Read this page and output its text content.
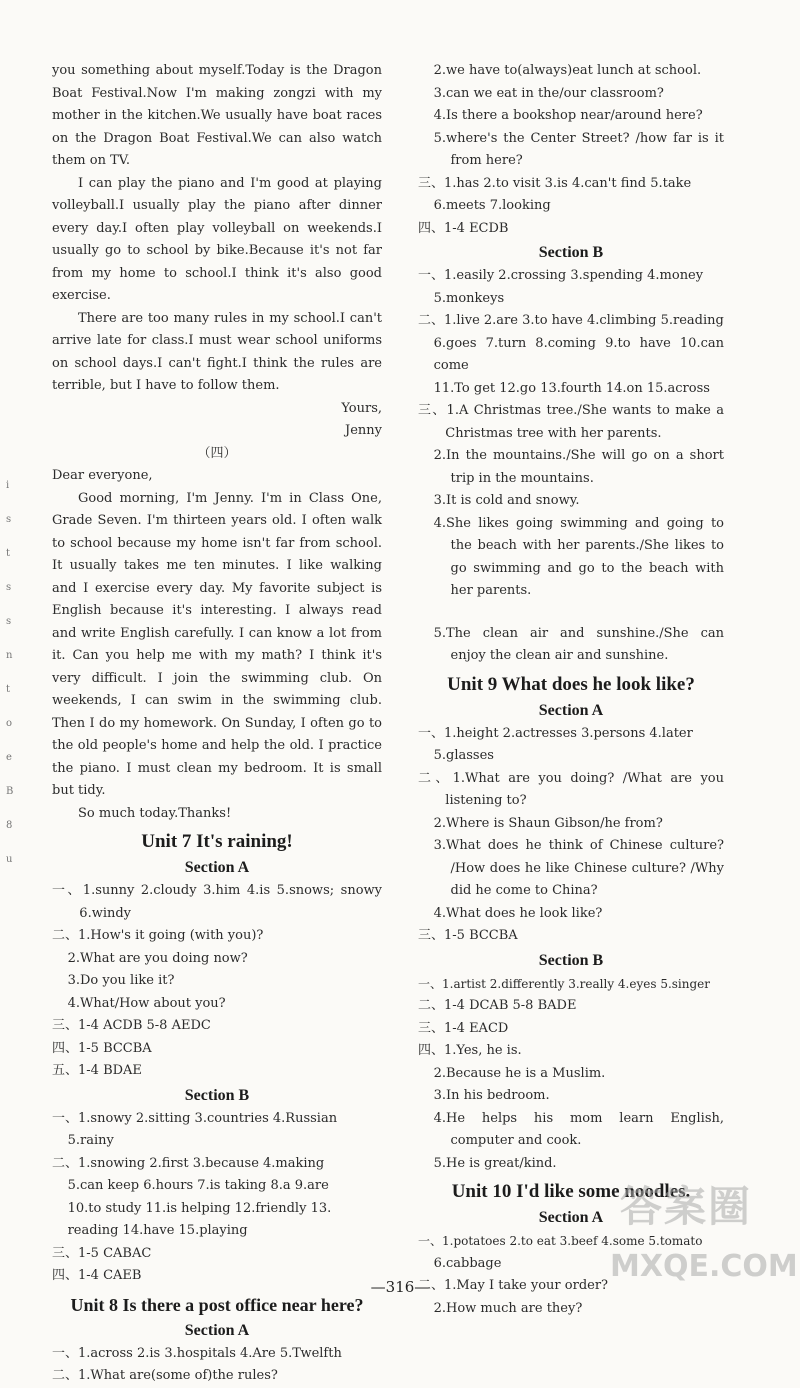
you something about myself.Today is the Dragon Boat Festival.Now I'm making zongzi with my mother in the kitchen.We usually have boat races on the Dragon Boat Festival.We can also watch them on TV.

I can play the piano and I'm good at playing volleyball.I usually play the piano after dinner every day.I often play volleyball on weekends.I usually go to school by bike.Because it's not far from my home to school.I think it's also good exercise.

There are too many rules in my school.I can't arrive late for class.I must wear school uniforms on school days.I can't fight.I think the rules are terrible, but I have to follow them.

Yours,

Jenny

（四）

Dear everyone,

Good morning, I'm Jenny. I'm in Class One, Grade Seven. I'm thirteen years old. I often walk to school because my home isn't far from school. It usually takes me ten minutes. I like walking and I exercise every day. My favorite subject is English because it's interesting. I always read and write English carefully. I can know a lot from it. Can you help me with my math? I think it's very difficult. I join the swimming club. On weekends, I can swim in the swimming club. Then I do my homework. On Sunday, I often go to the old people's home and help the old. I practice the piano. I must clean my bedroom. It is small but tidy.

So much today.Thanks!

Unit 7 It's raining!
Section A

一、1.sunny 2.cloudy 3.him 4.is 5.snows; snowy 6.windy

二、1.How's it going (with you)?

2.What are you doing now?

3.Do you like it?

4.What/How about you?

三、1-4 ACDB 5-8 AEDC

四、1-5 BCCBA

五、1-4 BDAE

Section B

一、1.snowy 2.sitting 3.countries 4.Russian

5.rainy

二、1.snowing 2.first 3.because 4.making

5.can keep 6.hours 7.is taking 8.a 9.are

10.to study 11.is helping 12.friendly 13.

reading 14.have 15.playing

三、1-5 CABAC

四、1-4 CAEB

Unit 8 Is there a post office near here?
Section A

一、1.across 2.is 3.hospitals 4.Are 5.Twelfth

二、1.What are(some of)the rules?

2.we have to(always)eat lunch at school.

3.can we eat in the/our classroom?

4.Is there a bookshop near/around here?

5.where's the Center Street? /how far is it from here?

三、1.has 2.to visit 3.is 4.can't find 5.take

6.meets 7.looking

四、1-4 ECDB

Section B

一、1.easily 2.crossing 3.spending 4.money

5.monkeys

二、1.live 2.are 3.to have 4.climbing 5.reading

6.goes 7.turn 8.coming 9.to have 10.can come

11.To get 12.go 13.fourth 14.on 15.across

三、1.A Christmas tree./She wants to make a Christmas tree with her parents.

2.In the mountains./She will go on a short trip in the mountains.

3.It is cold and snowy.

4.She likes going swimming and going to the beach with her parents./She likes to go swimming and go to the beach with her parents.

5.The clean air and sunshine./She can enjoy the clean air and sunshine.

Unit 9 What does he look like?
Section A

一、1.height 2.actresses 3.persons 4.later

5.glasses

二、1.What are you doing? /What are you listening to?

2.Where is Shaun Gibson/he from?

3.What does he think of Chinese culture? /How does he like Chinese culture? /Why did he come to China?

4.What does he look like?

三、1-5 BCCBA

Section B

一、1.artist 2.differently 3.really 4.eyes 5.singer

二、1-4 DCAB 5-8 BADE

三、1-4 EACD

四、1.Yes, he is.

2.Because he is a Muslim.

3.In his bedroom.

4.He helps his mom learn English, computer and cook.

5.He is great/kind.

Unit 10 I'd like some noodles.
Section A

一、1.potatoes 2.to eat 3.beef 4.some 5.tomato

6.cabbage

二、1.May I take your order?

2.How much are they?

i
s
t
s
s
n
t
o
e
B
8
u
—316—
答案圈
MXQE.COM
